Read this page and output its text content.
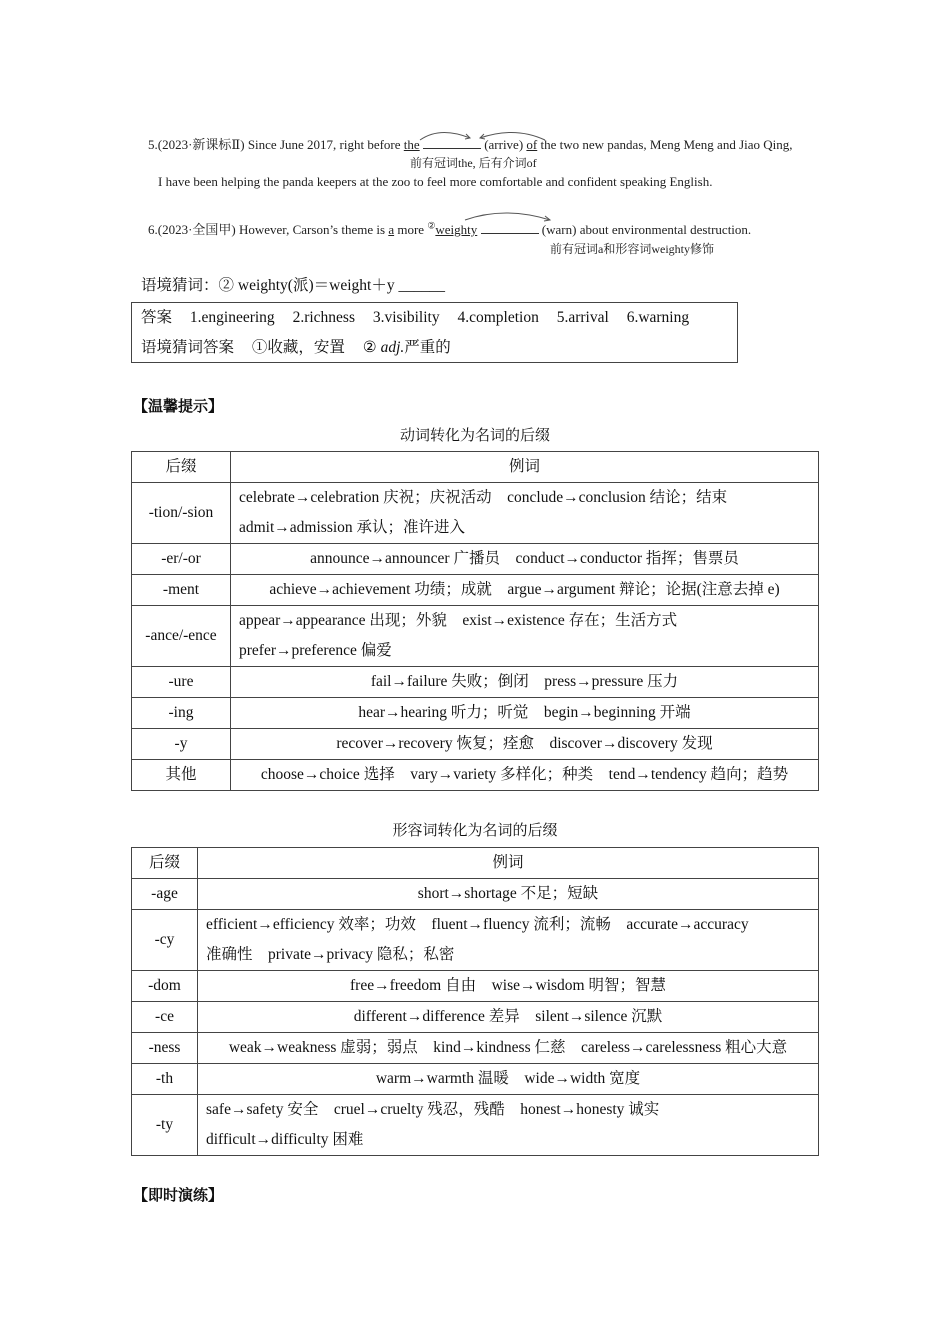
5.(2023·新课标Ⅱ) Since June 2017, right before the	(arrive) of the two new pandas, Meng Meng and Jiao Qing,
前有冠词the, 后有介词of
I have been helping the panda keepers at the zoo to feel more comfortable and confident speaking English.
6.(2023·全国甲) However, Carson’s theme is a more ②weighty	(warn) about environmental destruction.
前有冠词a和形容词weighty修饰
语境猜词：② weighty(派)＝weight＋y ______
答案 1.engineering 2.richness 3.visibility 4.completion 5.arrival 6.warning
语境猜词答案 ①收藏，安置 ② adj.严重的
【温馨提示】
动词转化为名词的后缀
后缀	例词
-tion/-sion	celebrate→celebration 庆祝；庆祝活动　conclude→conclusion 结论；结束
admit→admission 承认；准许进入

-er/-or	announce→announcer 广播员　conduct→conductor 指挥；售票员
-ment	achieve→achievement 功绩；成就　argue→argument 辩论；论据(注意去掉 e)
-ance/-ence	appear→appearance 出现；外貌　exist→existence 存在；生活方式
prefer→preference 偏爱

-ure	fail→failure 失败；倒闭　press→pressure 压力
-ing	hear→hearing 听力；听觉　begin→beginning 开端
-y	recover→recovery 恢复；痊愈　discover→discovery 发现
其他	choose→choice 选择　vary→variety 多样化；种类　tend→tendency 趋向；趋势
形容词转化为名词的后缀
后缀	例词
-age	short→shortage 不足；短缺
-cy	efficient→efficiency 效率；功效　fluent→fluency 流利；流畅　accurate→accuracy
准确性　private→privacy 隐私；私密

-dom	free→freedom 自由　wise→wisdom 明智；智慧
-ce	different→difference 差异　silent→silence 沉默
-ness	weak→weakness 虚弱；弱点　kind→kindness 仁慈　careless→carelessness 粗心大意
-th	warm→warmth 温暖　wide→width 宽度
-ty	safe→safety 安全　cruel→cruelty 残忍，残酷　honest→honesty 诚实
difficult→difficulty 困难
【即时演练】
